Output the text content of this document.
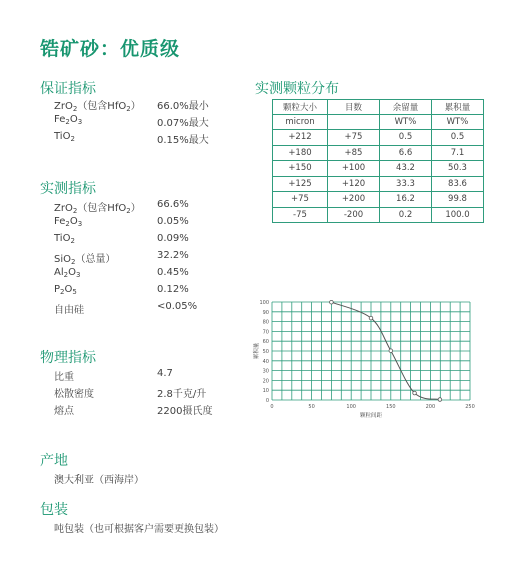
锆矿砂：优质级
保证指标
ZrO$_2$（包含HfO$_2$） 66.0%最小
$Fe_2O_3$	0.07%最大
TiO$_2$	0.15%最大
实测指标
ZrO$_2$（包含HfO$_2$） 66.6%
$Fe_2O_3$	0.05%
TiO$_2$	0.09%
SiO$_2$（总量）	32.2%
$Al_2O_3$	0.45%
$P_2O_5$	0.12%
自由硅	<0.05%
物理指标
比重	4.7
松散密度	2.8千克/升
熔点	2200摄氏度
产地
澳大利亚（西海岸）
包装
吨包装（也可根据客户需要更换包装）
实测颗粒分布
颗粒大小	目数	余留量	累积量
micron		WT%	WT%
+212	+75	0.5	0.5
+180	+85	6.6	7.1
+150	+100	43.2	50.3
+125	+120	33.3	83.6
+75	+200	16.2	99.8
-75	-200	0.2	100.0
0
10
20
30
40
50
60
70
80
90
100
0	50	100	150	200	250
颗粒间距
累积量
